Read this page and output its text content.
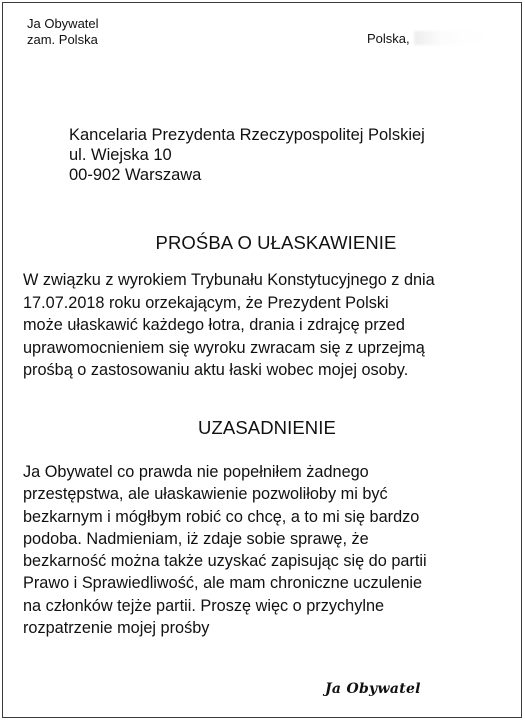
Ja Obywatel
zam. Polska	Polska,
Kancelaria Prezydenta Rzeczypospolitej Polskiej
ul. Wiejska 10
00-902 Warszawa
PROŚBA O UŁASKAWIENIE
W związku z wyrokiem Trybunału Konstytucyjnego z dnia
17.07.2018 roku orzekającym, że Prezydent Polski
może ułaskawić każdego łotra, drania i zdrajcę przed
uprawomocnieniem się wyroku zwracam się z uprzejmą
prośbą o zastosowaniu aktu łaski wobec mojej osoby.
UZASADNIENIE
Ja Obywatel co prawda nie popełniłem żadnego
przestępstwa, ale ułaskawienie pozwoliłoby mi być
bezkarnym i mógłbym robić co chcę, a to mi się bardzo
podoba. Nadmieniam, iż zdaje sobie sprawę, że
bezkarność można także uzyskać zapisując się do partii
Prawo i Sprawiedliwość, ale mam chroniczne uczulenie
na członków tejże partii. Proszę więc o przychylne
rozpatrzenie mojej prośby
Ja Obywatel
